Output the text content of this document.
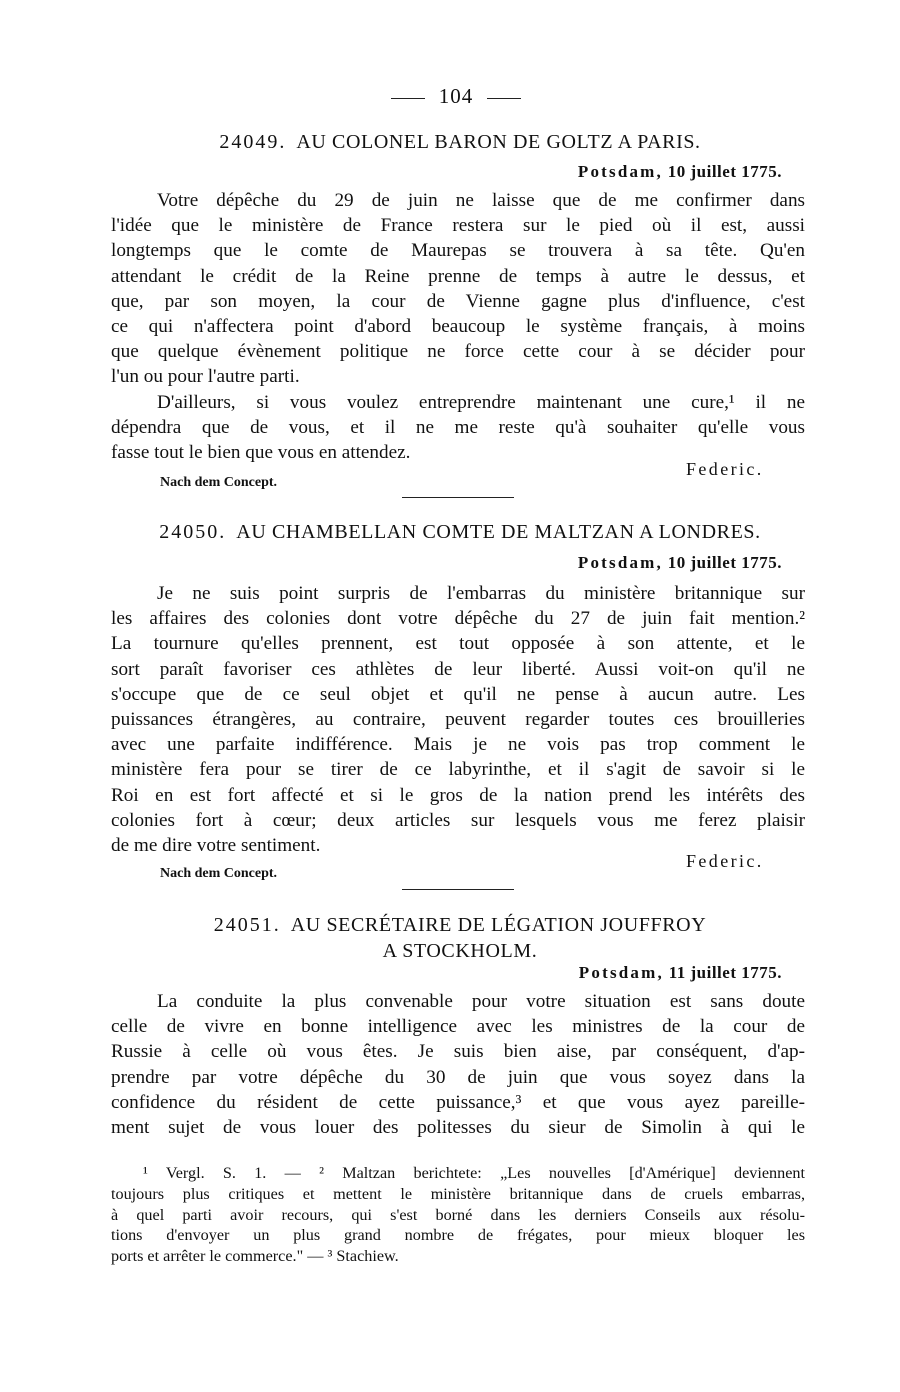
104
24049. AU COLONEL BARON DE GOLTZ A PARIS.
Potsdam, 10 juillet 1775.
Votre dépêche du 29 de juin ne laisse que de me confirmer dans
l'idée que le ministère de France restera sur le pied où il est, aussi
longtemps que le comte de Maurepas se trouvera à sa tête. Qu'en
attendant le crédit de la Reine prenne de temps à autre le dessus, et
que, par son moyen, la cour de Vienne gagne plus d'influence, c'est
ce qui n'affectera point d'abord beaucoup le système français, à moins
que quelque évènement politique ne force cette cour à se décider pour
l'un ou pour l'autre parti.
D'ailleurs, si vous voulez entreprendre maintenant une cure,¹ il ne
dépendra que de vous, et il ne me reste qu'à souhaiter qu'elle vous
fasse tout le bien que vous en attendez.
Federic.
Nach dem Concept.
24050. AU CHAMBELLAN COMTE DE MALTZAN A LONDRES.
Potsdam, 10 juillet 1775.
Je ne suis point surpris de l'embarras du ministère britannique sur
les affaires des colonies dont votre dépêche du 27 de juin fait mention.²
La tournure qu'elles prennent, est tout opposée à son attente, et le
sort paraît favoriser ces athlètes de leur liberté. Aussi voit-on qu'il ne
s'occupe que de ce seul objet et qu'il ne pense à aucun autre. Les
puissances étrangères, au contraire, peuvent regarder toutes ces brouilleries
avec une parfaite indifférence. Mais je ne vois pas trop comment le
ministère fera pour se tirer de ce labyrinthe, et il s'agit de savoir si le
Roi en est fort affecté et si le gros de la nation prend les intérêts des
colonies fort à cœur; deux articles sur lesquels vous me ferez plaisir
de me dire votre sentiment.
Federic.
Nach dem Concept.
24051. AU SECRÉTAIRE DE LÉGATION JOUFFROY
A STOCKHOLM.
Potsdam, 11 juillet 1775.
La conduite la plus convenable pour votre situation est sans doute
celle de vivre en bonne intelligence avec les ministres de la cour de
Russie à celle où vous êtes. Je suis bien aise, par conséquent, d'ap-
prendre par votre dépêche du 30 de juin que vous soyez dans la
confidence du résident de cette puissance,³ et que vous ayez pareille-
ment sujet de vous louer des politesses du sieur de Simolin à qui le
¹ Vergl. S. 1. — ² Maltzan berichtete: „Les nouvelles [d'Amérique] deviennent
toujours plus critiques et mettent le ministère britannique dans de cruels embarras,
à quel parti avoir recours, qui s'est borné dans les derniers Conseils aux résolu-
tions d'envoyer un plus grand nombre de frégates, pour mieux bloquer les
ports et arrêter le commerce." — ³ Stachiew.
